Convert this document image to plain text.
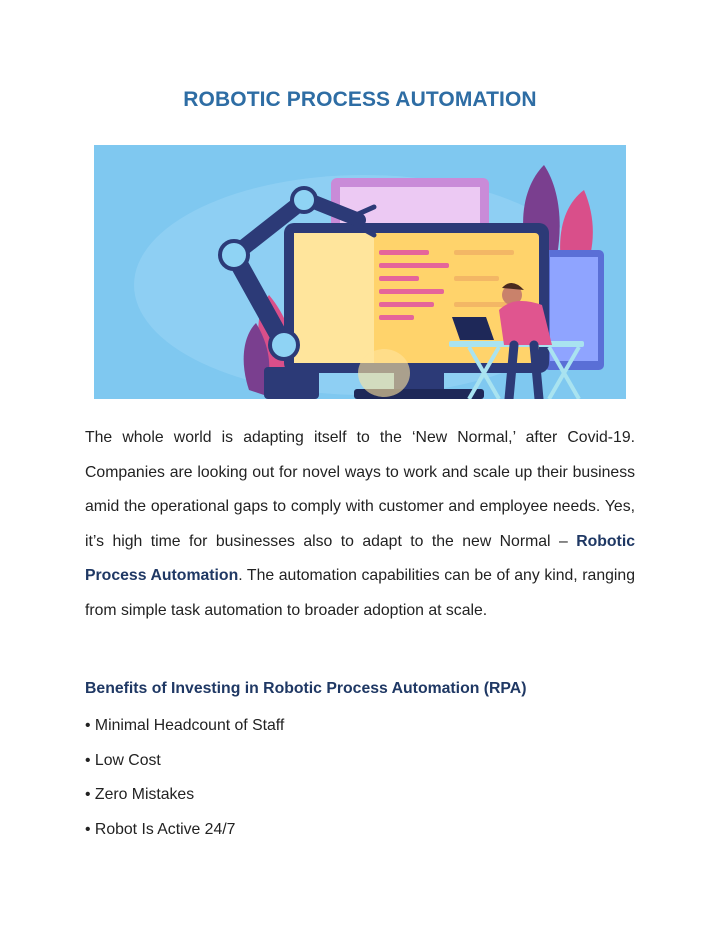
ROBOTIC PROCESS AUTOMATION

The whole world is adapting itself to the ‘New Normal,’ after Covid-19. Companies are looking out for novel ways to work and scale up their business amid the operational gaps to comply with customer and employee needs. Yes, it’s high time for businesses also to adapt to the new Normal – Robotic Process Automation. The automation capabilities can be of any kind, ranging from simple task automation to broader adoption at scale.

Benefits of Investing in Robotic Process Automation (RPA)

• Minimal Headcount of Staff
• Low Cost
• Zero Mistakes
• Robot Is Active 24/7
